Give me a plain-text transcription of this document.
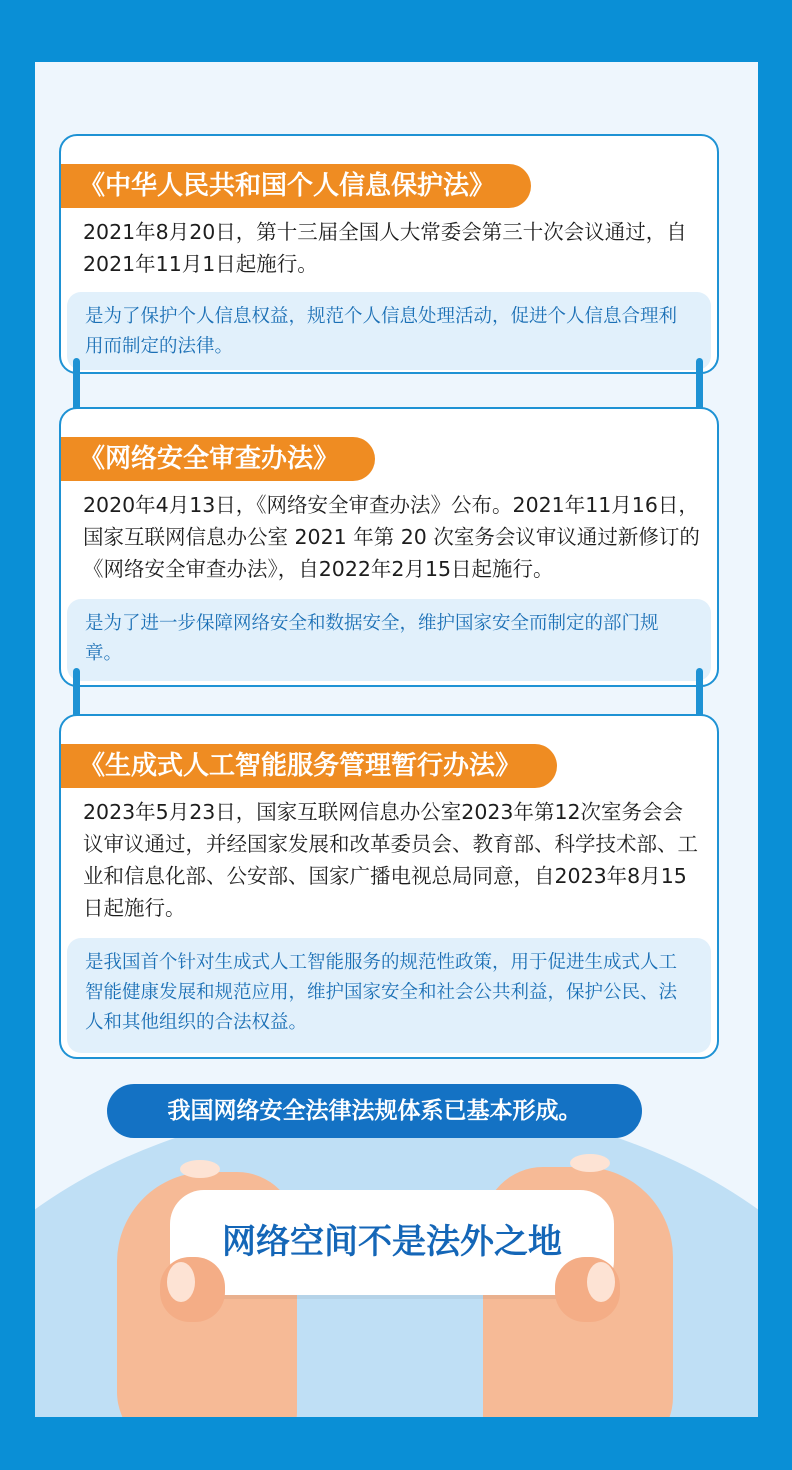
《中华人民共和国个人信息保护法》
2021年8月20日，第十三届全国人大常委会第三十次会议通过，自2021年11月1日起施行。
是为了保护个人信息权益，规范个人信息处理活动，促进个人信息合理利用而制定的法律。
《网络安全审查办法》
2020年4月13日，《网络安全审查办法》公布。2021年11月16日，国家互联网信息办公室 2021 年第 20 次室务会议审议通过新修订的《网络安全审查办法》，自2022年2月15日起施行。
是为了进一步保障网络安全和数据安全，维护国家安全而制定的部门规章。
《生成式人工智能服务管理暂行办法》
2023年5月23日，国家互联网信息办公室2023年第12次室务会会议审议通过，并经国家发展和改革委员会、教育部、科学技术部、工业和信息化部、公安部、国家广播电视总局同意，自2023年8月15日起施行。
是我国首个针对生成式人工智能服务的规范性政策，用于促进生成式人工智能健康发展和规范应用，维护国家安全和社会公共利益，保护公民、法人和其他组织的合法权益。
我国网络安全法律法规体系已基本形成。
网络空间不是法外之地
